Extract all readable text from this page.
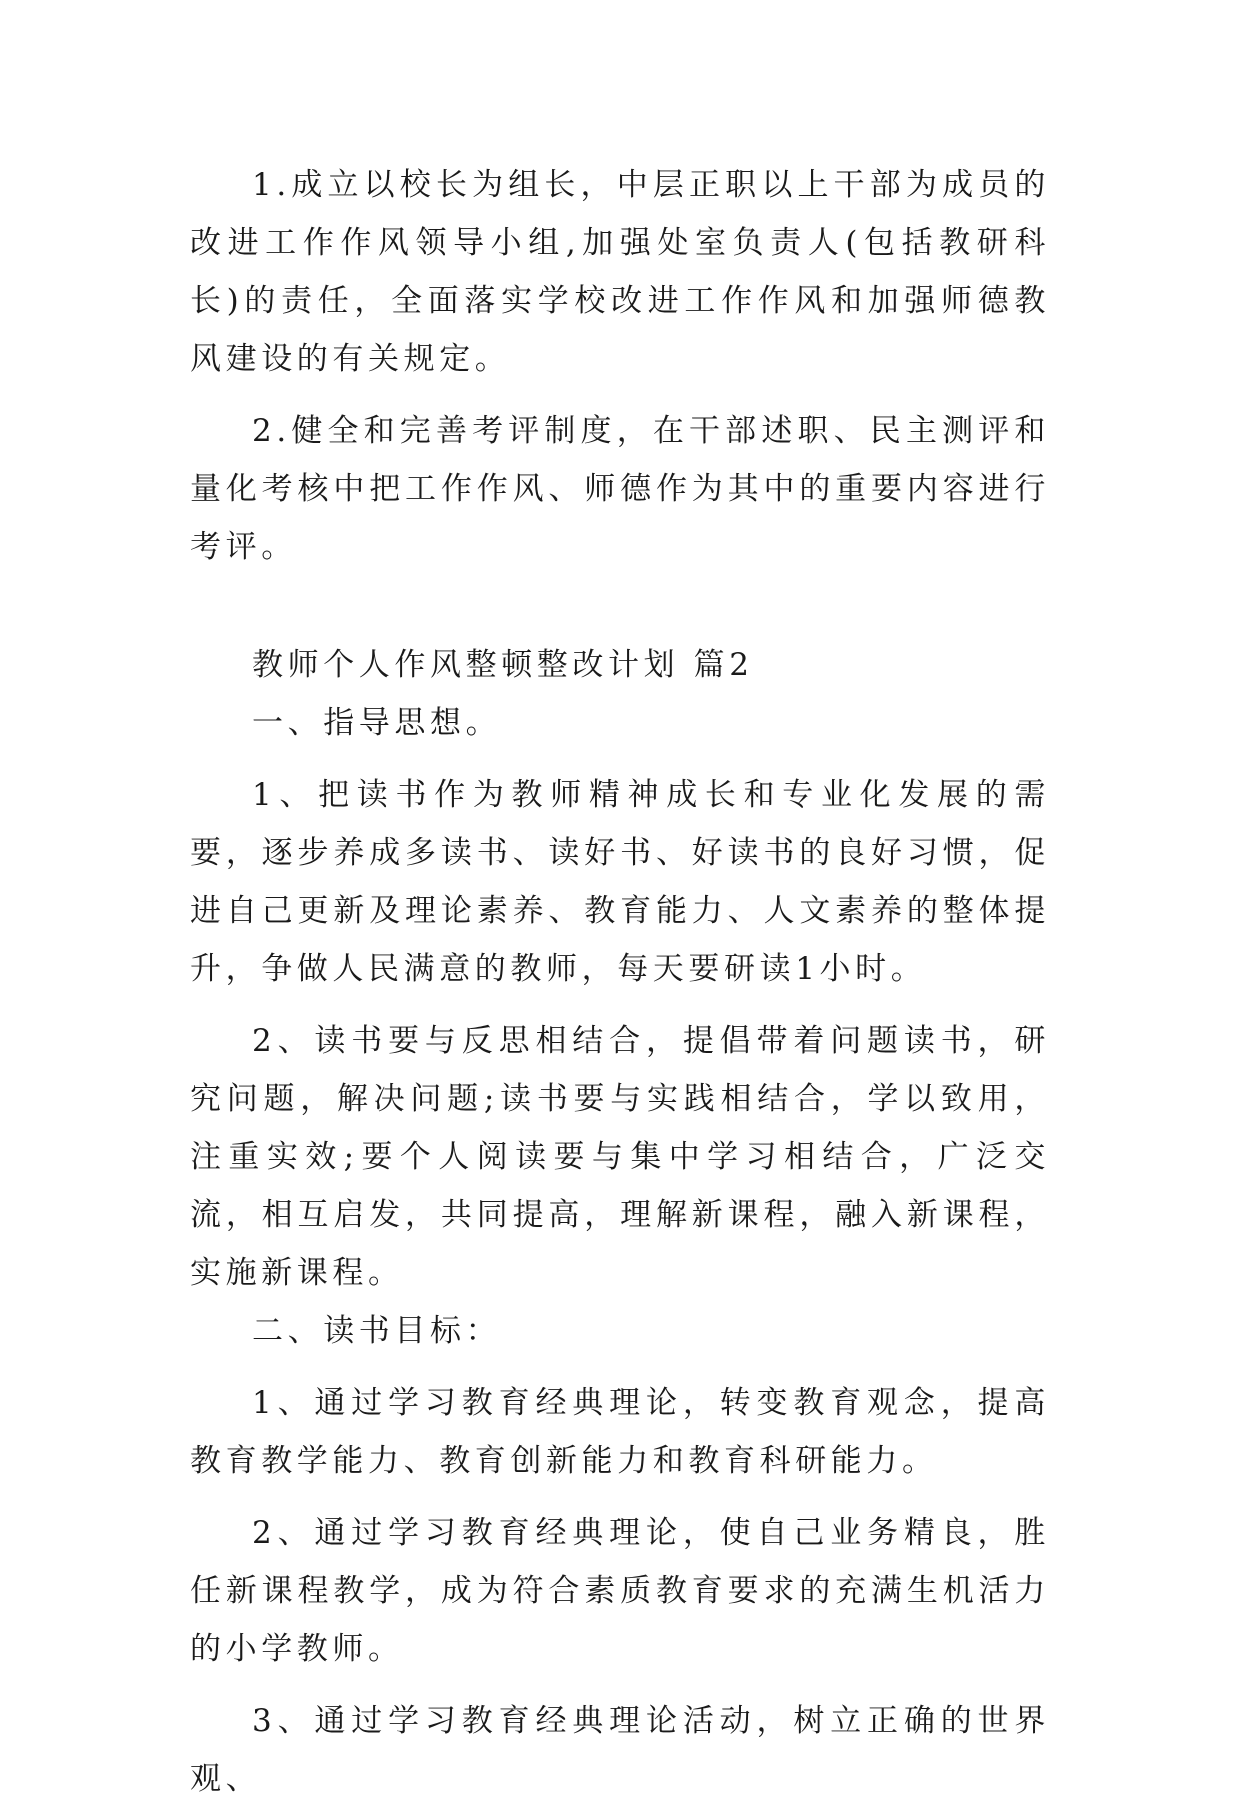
1.成立以校长为组长，中层正职以上干部为成员的改进工作作风领导小组,加强处室负责人(包括教研科长)的责任，全面落实学校改进工作作风和加强师德教风建设的有关规定。

2.健全和完善考评制度，在干部述职、民主测评和量化考核中把工作作风、师德作为其中的重要内容进行考评。

教师个人作风整顿整改计划 篇2

一、指导思想。

1、把读书作为教师精神成长和专业化发展的需要，逐步养成多读书、读好书、好读书的良好习惯，促进自己更新及理论素养、教育能力、人文素养的整体提升，争做人民满意的教师，每天要研读1小时。

2、读书要与反思相结合，提倡带着问题读书，研究问题，解决问题;读书要与实践相结合，学以致用，注重实效;要个人阅读要与集中学习相结合，广泛交流，相互启发，共同提高，理解新课程，融入新课程，实施新课程。

二、读书目标：

1、通过学习教育经典理论，转变教育观念，提高教育教学能力、教育创新能力和教育科研能力。

2、通过学习教育经典理论，使自己业务精良，胜任新课程教学，成为符合素质教育要求的充满生机活力的小学教师。

3、通过学习教育经典理论活动，树立正确的世界观、
